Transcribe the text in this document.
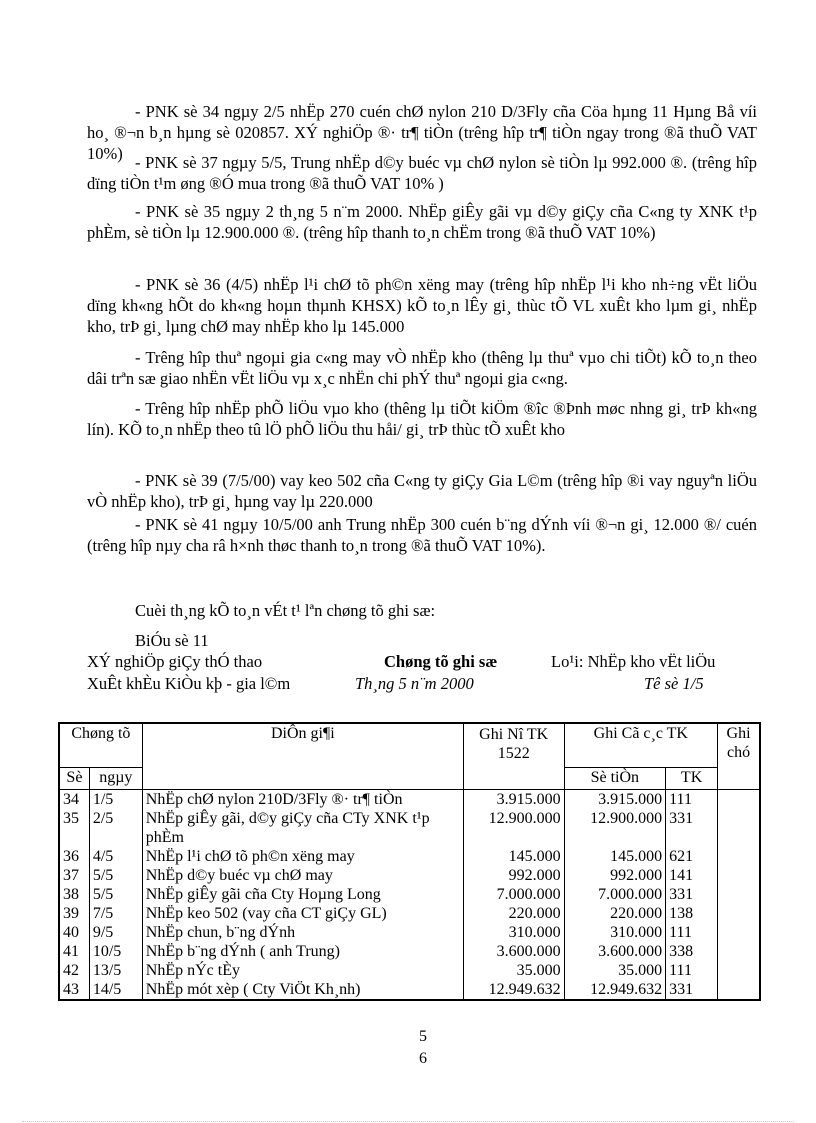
- PNK sè 34 ngµy 2/5 nhËp 270 cuén chØ nylon 210 D/3Fly cña Cöa hµng 11 Hµng Bå víi ho¸ ®¬n b¸n hµng sè 020857. XÝ nghiÖp ®· tr¶ tiÒn (trêng hîp tr¶ tiÒn ngay trong ®ã thuÕ VAT 10%) - PNK sè 37 ngµy 5/5, Trung nhËp d©y buéc vµ chØ nylon sè tiÒn lµ 992.000 ®. (trêng hîp dïng tiÒn t¹m øng ®Ó mua trong ®ã thuÕ VAT 10% )

- PNK sè 35 ngµy 2 th¸ng 5 n¨m 2000. NhËp giÊy gãi vµ d©y giÇy cña C«ng ty XNK t¹p phÈm, sè tiÒn lµ 12.900.000 ®. (trêng hîp thanh to¸n chËm trong ®ã thuÕ VAT 10%)

- PNK sè 36 (4/5) nhËp l¹i chØ tõ ph©n xëng may (trêng hîp nhËp l¹i kho nh÷ng vËt liÖu dïng kh«ng hÕt do kh«ng hoµn thµnh KHSX) kÕ to¸n lÊy gi¸ thùc tÕ VL xuÊt kho lµm gi¸ nhËp kho, trÞ gi¸ lµng chØ may nhËp kho lµ 145.000

- Trêng hîp thuª ngoµi gia c«ng may vÒ nhËp kho (thêng lµ thuª vµo chi tiÕt) kÕ to¸n theo dâi trªn sæ giao nhËn vËt liÖu vµ x¸c nhËn chi phÝ thuª ngoµi gia c«ng.

- Trêng hîp nhËp phÕ liÖu vµo kho (thêng lµ tiÕt kiÖm ®îc ®Þnh møc nhng gi¸ trÞ kh«ng lín). KÕ to¸n nhËp theo tû lÖ phÕ liÖu thu håi/ gi¸ trÞ thùc tÕ xuÊt kho

- PNK sè 39 (7/5/00) vay keo 502 cña C«ng ty giÇy Gia L©m (trêng hîp ®i vay nguyªn liÖu vÒ nhËp kho), trÞ gi¸ hµng vay lµ 220.000

- PNK sè 41 ngµy 10/5/00 anh Trung nhËp 300 cuén b¨ng dÝnh víi ®¬n gi¸ 12.000 ®/ cuén (trêng hîp nµy cha râ h×nh thøc thanh to¸n trong ®ã thuÕ VAT 10%).

Cuèi th¸ng kÕ to¸n vÉt t¹ lªn chøng tõ ghi sæ:
BiÓu sè 11
XÝ nghiÖp giÇy thÓ thao	Chøng tõ ghi sæ	Lo¹i: NhËp kho vËt liÖu
XuÊt khÈu KiÒu kþ - gia l©m	Th¸ng 5 n¨m 2000	Tê sè 1/5
Chøng tõ		DiÔn gi¶i	Ghi Nî TK 1522	Ghi Cã c¸c TK		Ghi chó
Sè	ngµy			Sè tiÒn	TK	
34	1/5	NhËp chØ nylon 210D/3Fly ®· tr¶ tiÒn	3.915.000	3.915.000	111	
35	2/5	NhËp giÊy gãi, d©y giÇy cña CTy XNK t¹p phÈm	12.900.000	12.900.000	331	
36	4/5	NhËp l¹i chØ tõ ph©n xëng may	145.000	145.000	621	
37	5/5	NhËp d©y buéc vµ chØ may	992.000	992.000	141	
38	5/5	NhËp giÊy gãi cña Cty Hoµng Long	7.000.000	7.000.000	331	
39	7/5	NhËp keo 502 (vay cña CT giÇy GL)	220.000	220.000	138	
40	9/5	NhËp chun, b¨ng dÝnh	310.000	310.000	111	
41	10/5	NhËp b¨ng dÝnh ( anh Trung)	3.600.000	3.600.000	338	
42	13/5	NhËp nÝc tÈy	35.000	35.000	111	
43	14/5	NhËp mót xèp ( Cty ViÖt Kh¸nh)	12.949.632	12.949.632	331	
5
6
